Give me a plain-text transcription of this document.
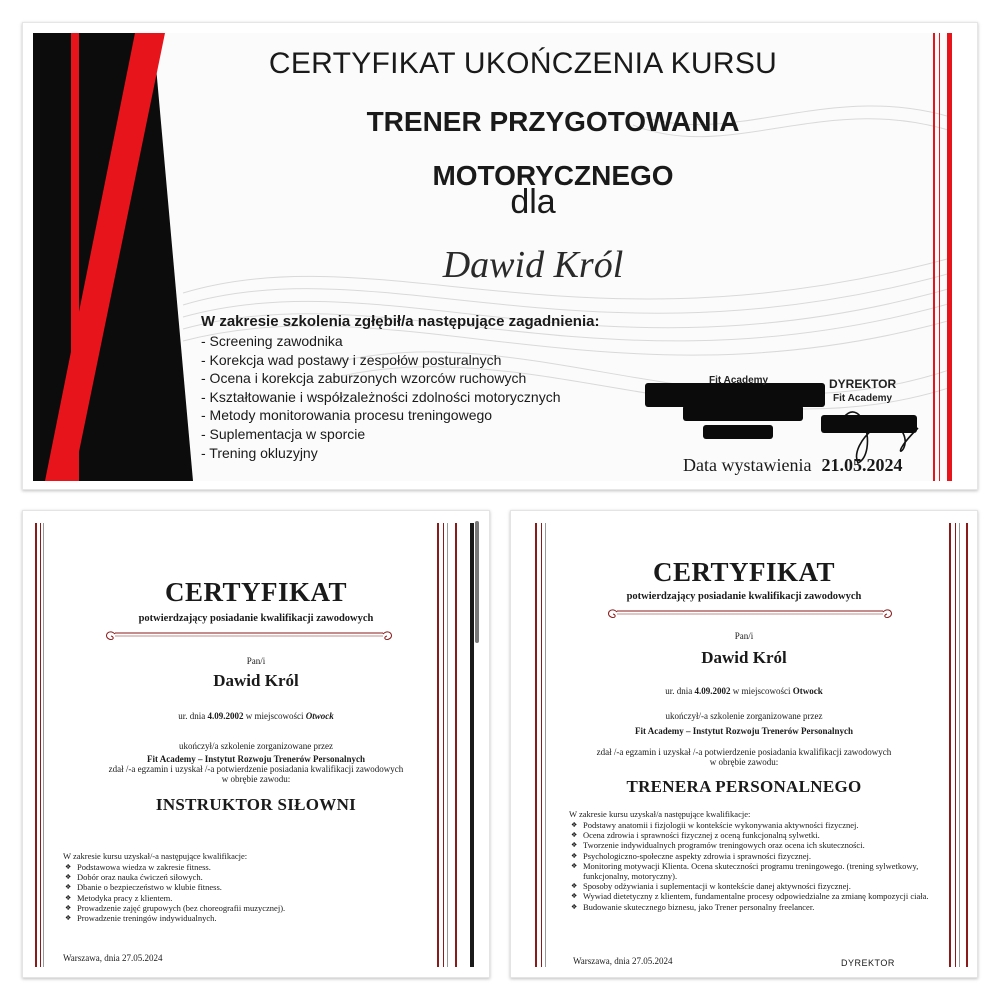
CERTYFIKAT UKOŃCZENIA KURSU
TRENER PRZYGOTOWANIA
MOTORYCZNEGO
dla
Dawid Król
W zakresie szkolenia zgłębił/a następujące zagadnienia:
- Screening zawodnika
- Korekcja wad postawy i zespołów posturalnych
- Ocena i korekcja zaburzonych wzorców ruchowych
- Kształtowanie i współzależności zdolności motorycznych
- Metody monitorowania procesu treningowego
- Suplementacja w sporcie
- Trening okluzyjny
Fit Academy	DYREKTOR
Fit Academy
Data wystawienia 21.05.2024
CERTYFIKAT
potwierdzający posiadanie kwalifikacji zawodowych
Pan/i
Dawid Król
ur. dnia 4.09.2002 w miejscowości Otwock
ukończył/a szkolenie zorganizowane przez
Fit Academy – Instytut Rozwoju Trenerów Personalnych
zdał /-a egzamin i uzyskał /-a potwierdzenie posiadania kwalifikacji zawodowych
w obrębie zawodu:
INSTRUKTOR SIŁOWNI
W zakresie kursu uzyskał/-a następujące kwalifikacje:
❖ Podstawowa wiedza w zakresie fitness.
❖ Dobór oraz nauka ćwiczeń siłowych.
❖ Dbanie o bezpieczeństwo w klubie fitness.
❖ Metodyka pracy z klientem.
❖ Prowadzenie zajęć grupowych (bez choreografii muzycznej).
❖ Prowadzenie treningów indywidualnych.
Warszawa, dnia 27.05.2024
CERTYFIKAT
potwierdzający posiadanie kwalifikacji zawodowych
Pan/i
Dawid Król
ur. dnia 4.09.2002 w miejscowości Otwock
ukończył/-a szkolenie zorganizowane przez
Fit Academy – Instytut Rozwoju Trenerów Personalnych
zdał /-a egzamin i uzyskał /-a potwierdzenie posiadania kwalifikacji zawodowych
w obrębie zawodu:
TRENERA PERSONALNEGO
W zakresie kursu uzyskał/a następujące kwalifikacje:
❖ Podstawy anatomii i fizjologii w kontekście wykonywania aktywności fizycznej.
❖ Ocena zdrowia i sprawności fizycznej z oceną funkcjonalną sylwetki.
❖ Tworzenie indywidualnych programów treningowych oraz ocena ich skuteczności.
❖ Psychologiczno-społeczne aspekty zdrowia i sprawności fizycznej.
❖ Monitoring motywacji Klienta. Ocena skuteczności programu treningowego. (trening sylwetkowy, funkcjonalny, motoryczny).
❖ Sposoby odżywiania i suplementacji w kontekście danej aktywności fizycznej.
❖ Wywiad dietetyczny z klientem, fundamentalne procesy odpowiedzialne za zmianę kompozycji ciała.
❖ Budowanie skutecznego biznesu, jako Trener personalny freelancer.
Warszawa, dnia 27.05.2024	DYREKTOR
